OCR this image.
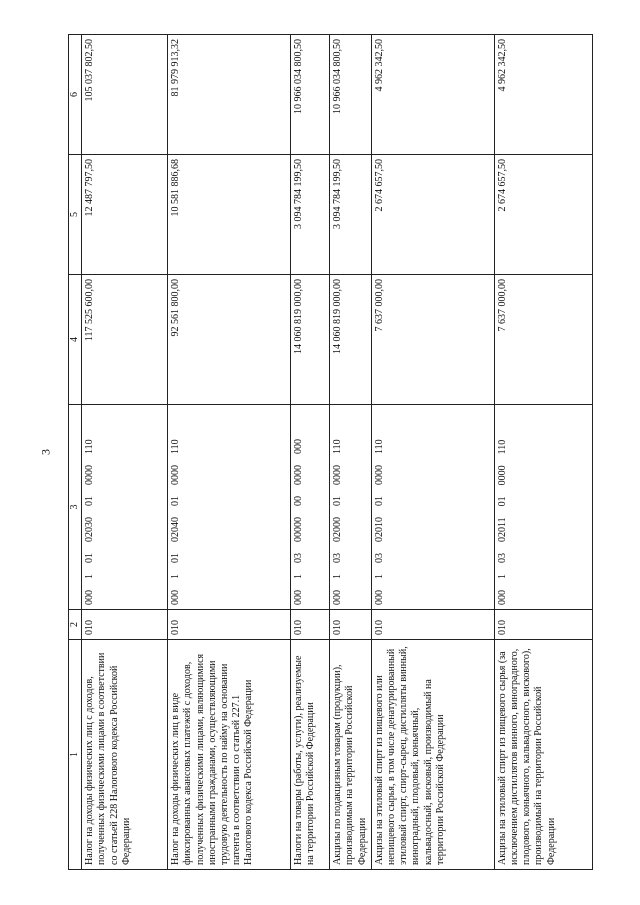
3
1	2	3	4	5	6
Налог на доходы физических лиц с доходов, полученных физическими лицами в соответствии со статьей 228 Налогового кодекса Российской Федерации	010	000  1  01  02030  01  0000  110	117 525 600,00	12 487 797,50	105 037 802,50
Налог на доходы физических лиц в виде фиксированных авансовых платежей с доходов, полученных физическими лицами, являющимися иностранными гражданами, осуществляющими трудовую деятельность по найму на основании патента в соответствии со статьей 227.1 Налогового кодекса Российской Федерации	010	000  1  01  02040  01  0000  110	92 561 800,00	10 581 886,68	81 979 913,32
Налоги на товары (работы, услуги), реализуемые на территории Российской Федерации	010	000  1  03  00000  00  0000  000	14 060 819 000,00	3 094 784 199,50	10 966 034 800,50
Акцизы по подакцизным товарам (продукции), производимым на территории Российской Федерации	010	000  1  03  02000  01  0000  110	14 060 819 000,00	3 094 784 199,50	10 966 034 800,50
Акцизы на этиловый спирт из пищевого или непищевого сырья, в том числе денатурированный этиловый спирт, спирт-сырец, дистилляты винный, виноградный, плодовый, коньячный, кальвадосный, висковый, производимый на территории Российской Федерации	010	000  1  03  02010  01  0000  110	7 637 000,00	2 674 657,50	4 962 342,50
Акцизы на этиловый спирт из пищевого сырья (за исключением дистиллятов винного, виноградного, плодового, коньячного, кальвадосного, вискового), производимый на территории Российской Федерации	010	000  1  03  02011  01  0000  110	7 637 000,00	2 674 657,50	4 962 342,50
